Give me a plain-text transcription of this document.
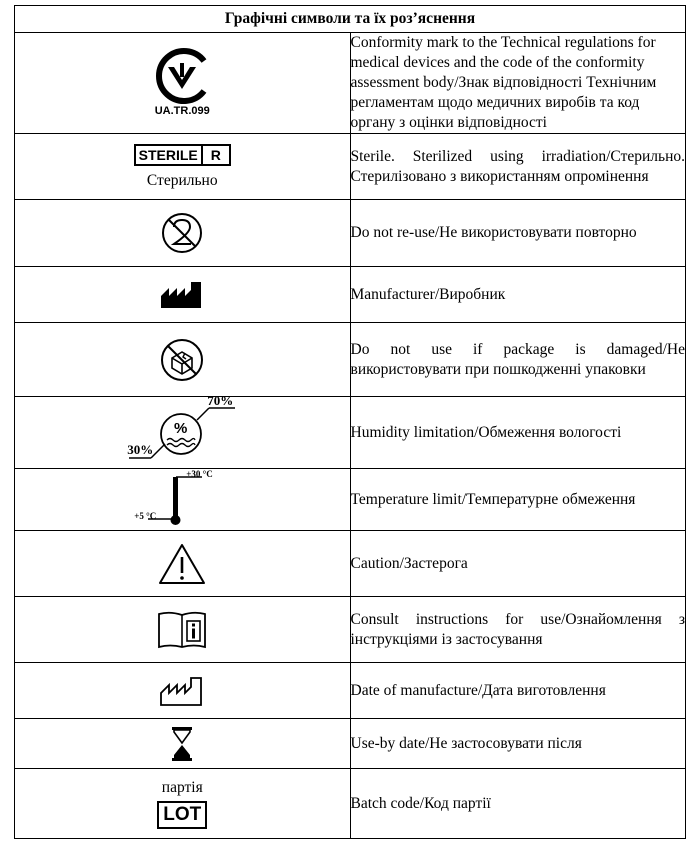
Графічні символи та їх роз’яснення	

UA.TR.099	Conformity mark to the Technical regulations for medical devices and the code of the conformity assessment body/Знак відповідності Технічним регламентам щодо медичних виробів та код органу з оцінки відповідності

STERILE R
Стерильно	Sterile. Sterilized using irradiation/Стерильно. Стерилізовано з використанням опромінення

	Do not re-use/Не використовувати повторно

	Manufacturer/Виробник

	Do not use if package is damaged/Не використовувати при пошкодженні упаковки

%
70%
30%	Humidity limitation/Обмеження вологості

+30 °C
+5 °C	Temperature limit/Температурне обмеження

	Caution/Застерога

	Consult instructions for use/Ознайомлення з інструкціями із застосування

	Date of manufacture/Дата виготовлення

	Use-by date/Не застосовувати після

партія
LOT	Batch code/Код партії
